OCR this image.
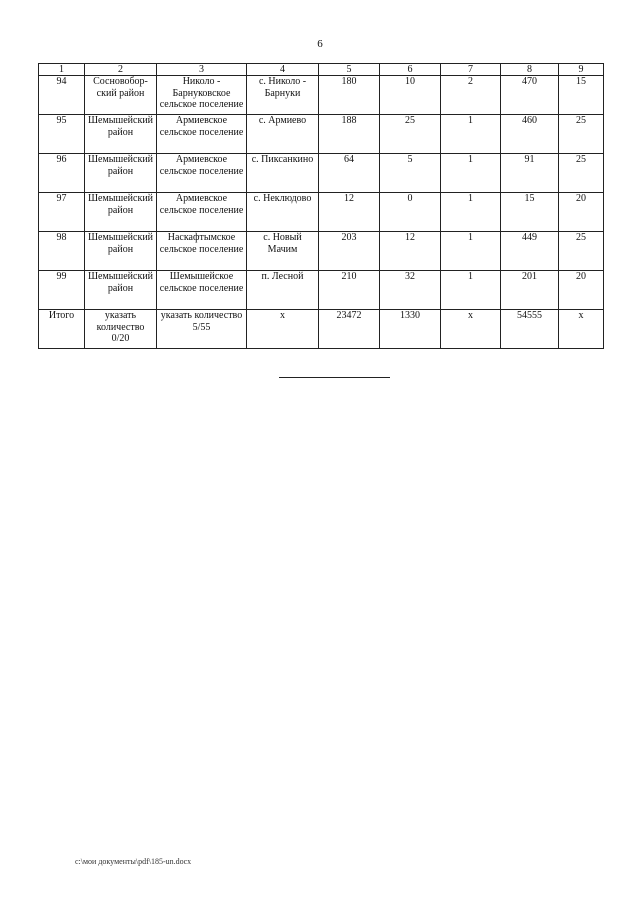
6
1	2	3	4	5	6	7	8	9
94	Сосновобор-ский район	Николо - Барнуковское сельское поселение	с. Николо - Барнуки	180	10	2	470	15
95	Шемышейский район	Армиевское сельское поселение	с. Армиево	188	25	1	460	25
96	Шемышейский район	Армиевское сельское поселение	с. Пиксанкино	64	5	1	91	25
97	Шемышейский район	Армиевское сельское поселение	с. Неклюдово	12	0	1	15	20
98	Шемышейский район	Наскафтымское сельское поселение	с. Новый Мачим	203	12	1	449	25
99	Шемышейский район	Шемышейское сельское поселение	п. Лесной	210	32	1	201	20
Итого	указать количество 0/20	указать количество 5/55	х	23472	1330	х	54555	х
c:\мои документы\pdf\185-un.docx
